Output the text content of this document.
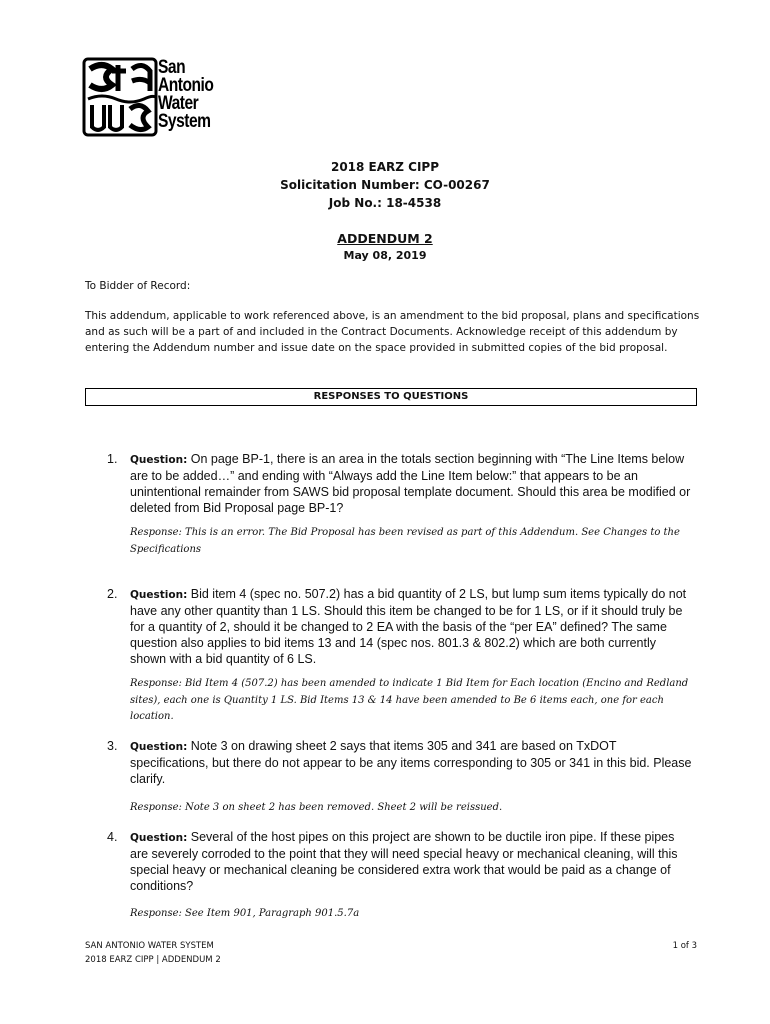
San
Antonio
Water
System
2018 EARZ CIPP
Solicitation Number: CO-00267
Job No.: 18-4538
ADDENDUM 2
May 08, 2019
To Bidder of Record:
This addendum, applicable to work referenced above, is an amendment to the bid proposal, plans and specifications and as such will be a part of and included in the Contract Documents. Acknowledge receipt of this addendum by entering the Addendum number and issue date on the space provided in submitted copies of the bid proposal.
RESPONSES TO QUESTIONS
1. Question: On page BP-1, there is an area in the totals section beginning with “The Line Items below are to be added…” and ending with “Always add the Line Item below:” that appears to be an unintentional remainder from SAWS bid proposal template document. Should this area be modified or deleted from Bid Proposal page BP-1?
Response: This is an error. The Bid Proposal has been revised as part of this Addendum. See Changes to the Specifications
2. Question: Bid item 4 (spec no. 507.2) has a bid quantity of 2 LS, but lump sum items typically do not have any other quantity than 1 LS. Should this item be changed to be for 1 LS, or if it should truly be for a quantity of 2, should it be changed to 2 EA with the basis of the “per EA” defined? The same question also applies to bid items 13 and 14 (spec nos. 801.3 & 802.2) which are both currently shown with a bid quantity of 6 LS.
Response: Bid Item 4 (507.2) has been amended to indicate 1 Bid Item for Each location (Encino and Redland sites), each one is Quantity 1 LS. Bid Items 13 & 14 have been amended to Be 6 items each, one for each location.
3. Question: Note 3 on drawing sheet 2 says that items 305 and 341 are based on TxDOT specifications, but there do not appear to be any items corresponding to 305 or 341 in this bid. Please clarify.
Response: Note 3 on sheet 2 has been removed. Sheet 2 will be reissued.
4. Question: Several of the host pipes on this project are shown to be ductile iron pipe. If these pipes are severely corroded to the point that they will need special heavy or mechanical cleaning, will this special heavy or mechanical cleaning be considered extra work that would be paid as a change of conditions?
Response: See Item 901, Paragraph 901.5.7a
SAN ANTONIO WATER SYSTEM
2018 EARZ CIPP | ADDENDUM 2
1 of 3
